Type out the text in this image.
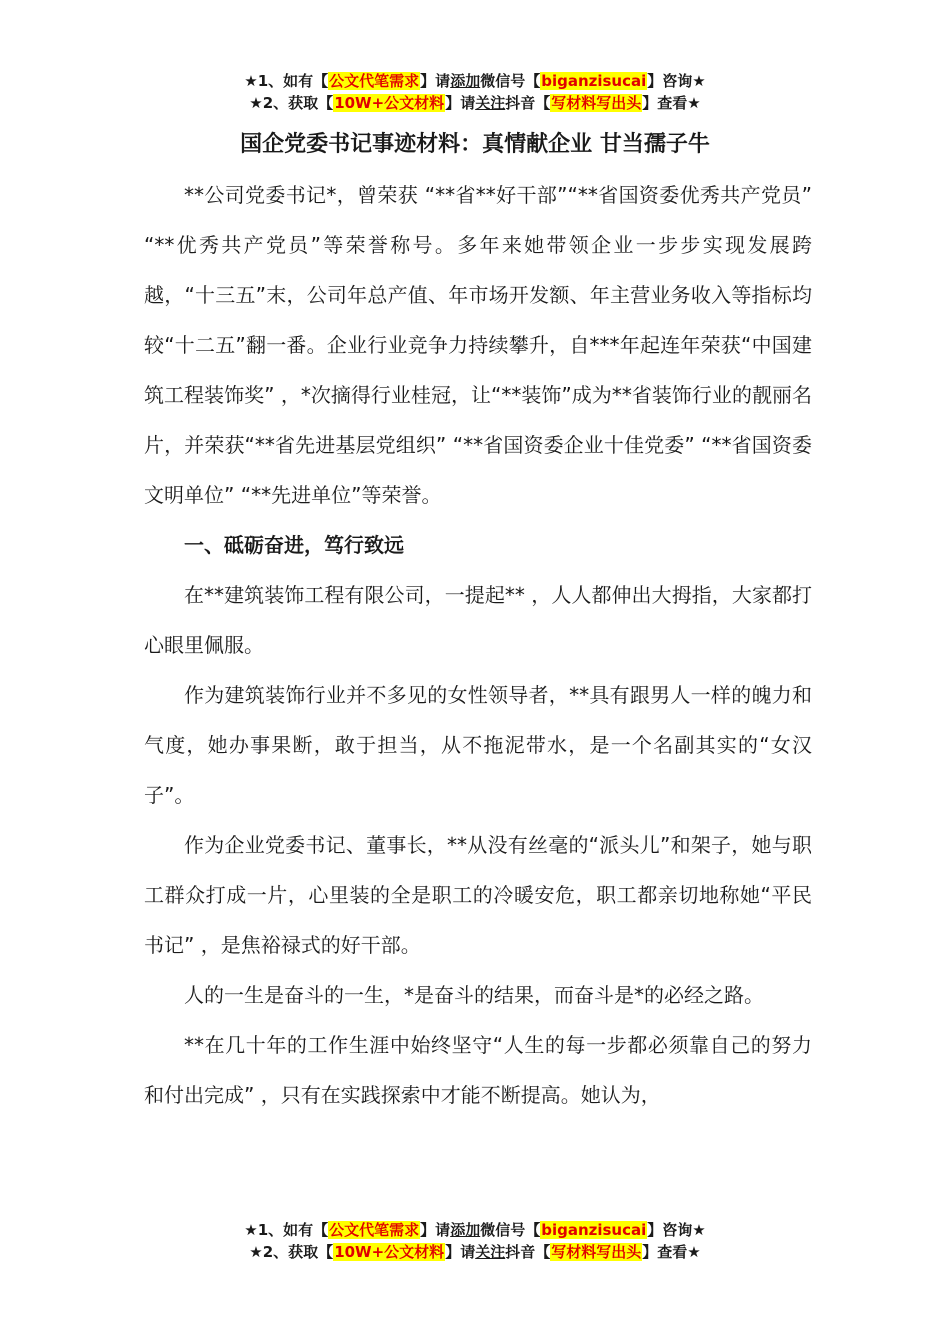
★1、如有【公文代笔需求】请添加微信号【biganzisucai】咨询★
★2、获取【10W+公文材料】请关注抖音【写材料写出头】查看★
国企党委书记事迹材料：真情献企业 甘当孺子牛

**公司党委书记*，曾荣获 “**省**好干部”“**省国资委优秀共产党员” “**优秀共产党员”等荣誉称号。多年来她带领企业一步步实现发展跨越，“十三五”末，公司年总产值、年市场开发额、年主营业务收入等指标均较“十二五”翻一番。企业行业竞争力持续攀升，自***年起连年荣获“中国建筑工程装饰奖” ，*次摘得行业桂冠，让“**装饰”成为**省装饰行业的靓丽名片，并荣获“**省先进基层党组织” “**省国资委企业十佳党委” “**省国资委文明单位” “**先进单位”等荣誉。

一、砥砺奋进，笃行致远

在**建筑装饰工程有限公司，一提起** ，人人都伸出大拇指，大家都打心眼里佩服。

作为建筑装饰行业并不多见的女性领导者，**具有跟男人一样的魄力和气度，她办事果断，敢于担当，从不拖泥带水，是一个名副其实的“女汉子”。

作为企业党委书记、董事长，**从没有丝毫的“派头儿”和架子，她与职工群众打成一片，心里装的全是职工的冷暖安危，职工都亲切地称她“平民书记” ，是焦裕禄式的好干部。

人的一生是奋斗的一生，*是奋斗的结果，而奋斗是*的必经之路。

**在几十年的工作生涯中始终坚守“人生的每一步都必须靠自己的努力和付出完成” ，只有在实践探索中才能不断提高。她认为，

★1、如有【公文代笔需求】请添加微信号【biganzisucai】咨询★
★2、获取【10W+公文材料】请关注抖音【写材料写出头】查看★
